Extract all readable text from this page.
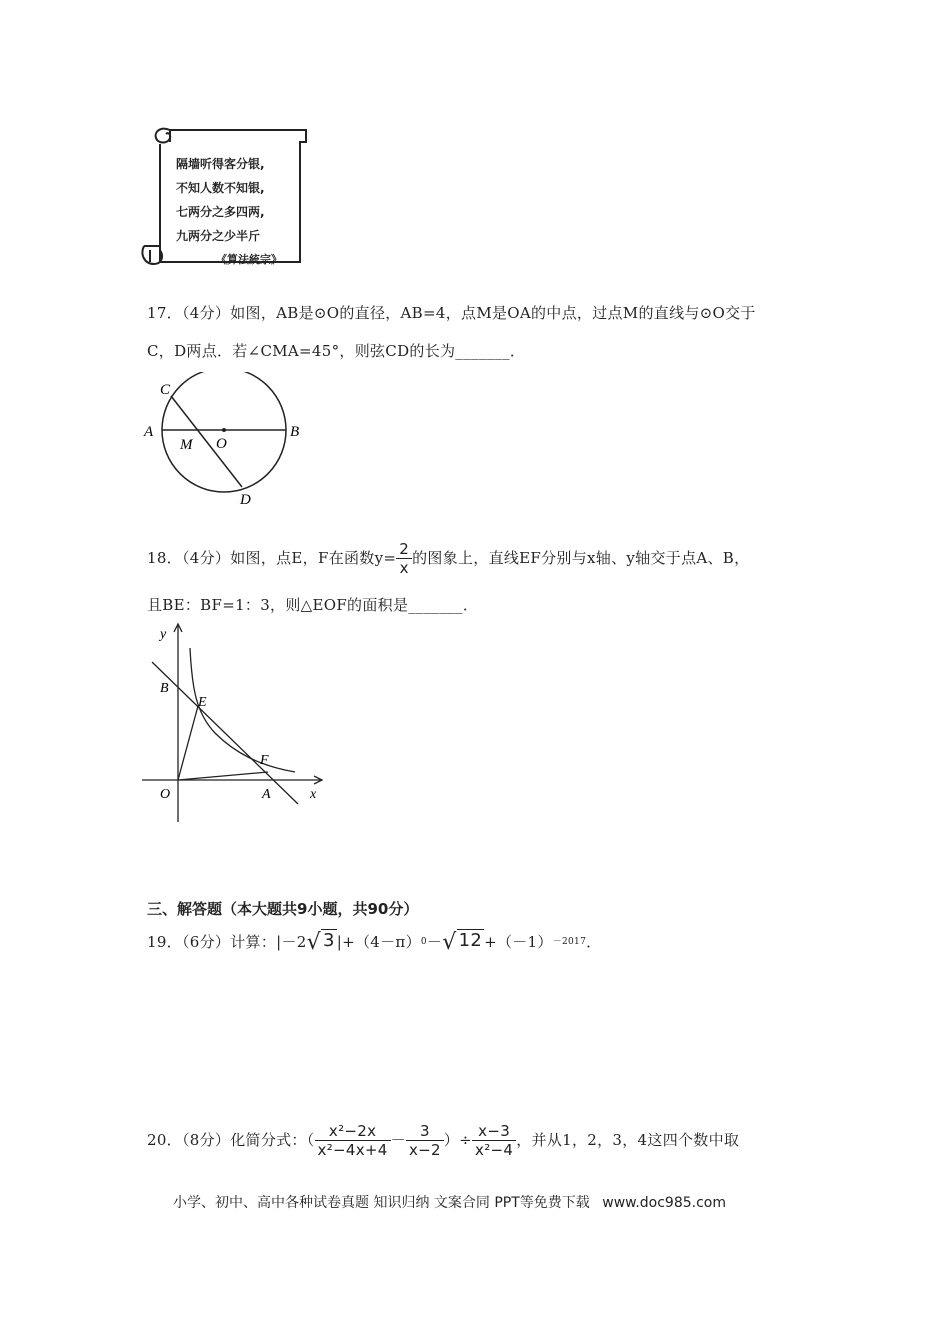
隔墙听得客分银,
不知人数不知银,
七两分之多四两,
九两分之少半斤
《算法統宗》
17．（4分）如图，AB是⊙O的直径，AB=4，点M是OA的中点，过点M的直线与⊙O交于
C，D两点．若∠CMA=45°，则弦CD的长为_______．
C
A	B
M O
D
18．（4分）如图，点E，F在函数$y= \frac{2}{x}$ 的图象上，直线EF分别与x轴、y轴交于点A、B，
且BE：BF=1：3，则△EOF的面积是_______．
y
B
E
F
O	A	x
三、解答题（本大题共9小题，共90分）
19．（6分）计算： | －2 √ 3 | +（4－π） 0 － √ 12 +（－1） －2017 ．
20．（8分）化简分式：（ $\frac{\text{x²−2x}}{\text{x²−4x+4}} - \frac{3}{x-2}$ ）÷ $\frac{x-3}{\text{x²−4}}$ ，并从1，2，3，4这四个数中取
小学、初中、高中各种试卷真题 知识归纳 文案合同 PPT等免费下载 www.doc985.com
